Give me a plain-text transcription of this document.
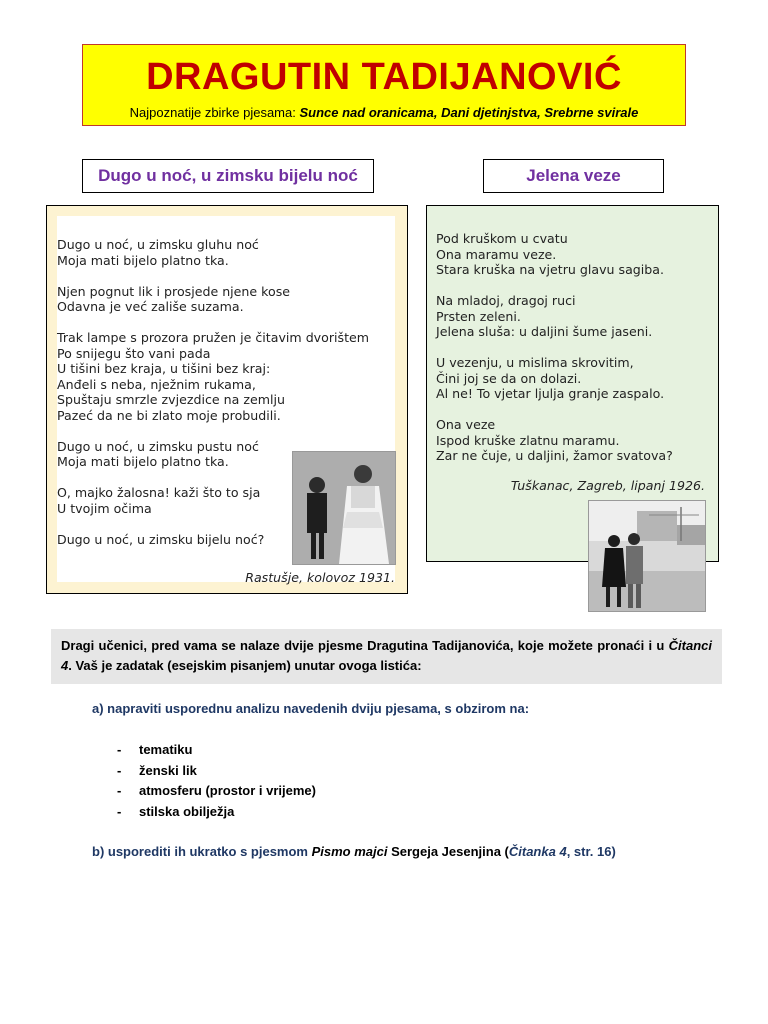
DRAGUTIN TADIJANOVIĆ
Najpoznatije zbirke pjesama: Sunce nad oranicama, Dani djetinjstva, Srebrne svirale
Dugo u noć, u zimsku bijelu noć	Jelena veze
Dugo u noć, u zimsku gluhu noć
Moja mati bijelo platno tka.
Njen pognut lik i prosjede njene kose
Odavna je već zališe suzama.
Trak lampe s prozora pružen je čitavim dvorištem
Po snijegu što vani pada
U tišini bez kraja, u tišini bez kraj:
Anđeli s neba, nježnim rukama,
Spuštaju smrzle zvjezdice na zemlju
Pazeć da ne bi zlato moje probudili.
Dugo u noć, u zimsku pustu noć
Moja mati bijelo platno tka.
O, majko žalosna! kaži što to sja
U tvojim očima
Dugo u noć, u zimsku bijelu noć?
Rastušje, kolovoz 1931.
Pod kruškom u cvatu
Ona maramu veze.
Stara kruška na vjetru glavu sagiba.
Na mladoj, dragoj ruci
Prsten zeleni.
Jelena sluša: u daljini šume jaseni.
U vezenju, u mislima skrovitim,
Čini joj se da on dolazi.
Al ne! To vjetar ljulja granje zaspalo.
Ona veze
Ispod kruške zlatnu maramu.
Zar ne čuje, u daljini, žamor svatova?
Tuškanac, Zagreb, lipanj 1926.

Dragi učenici, pred vama se nalaze dvije pjesme Dragutina Tadijanovića, koje možete pronaći i u Čitanci 4. Vaš je zadatak (esejskim pisanjem) unutar ovoga listića:

a) napraviti usporednu analizu navedenih dviju pjesama, s obzirom na:
- tematiku
- ženski lik
- atmosferu (prostor i vrijeme)
- stilska obilježja
b) usporediti ih ukratko s pjesmom Pismo majci Sergeja Jesenjina (Čitanka 4, str. 16)
